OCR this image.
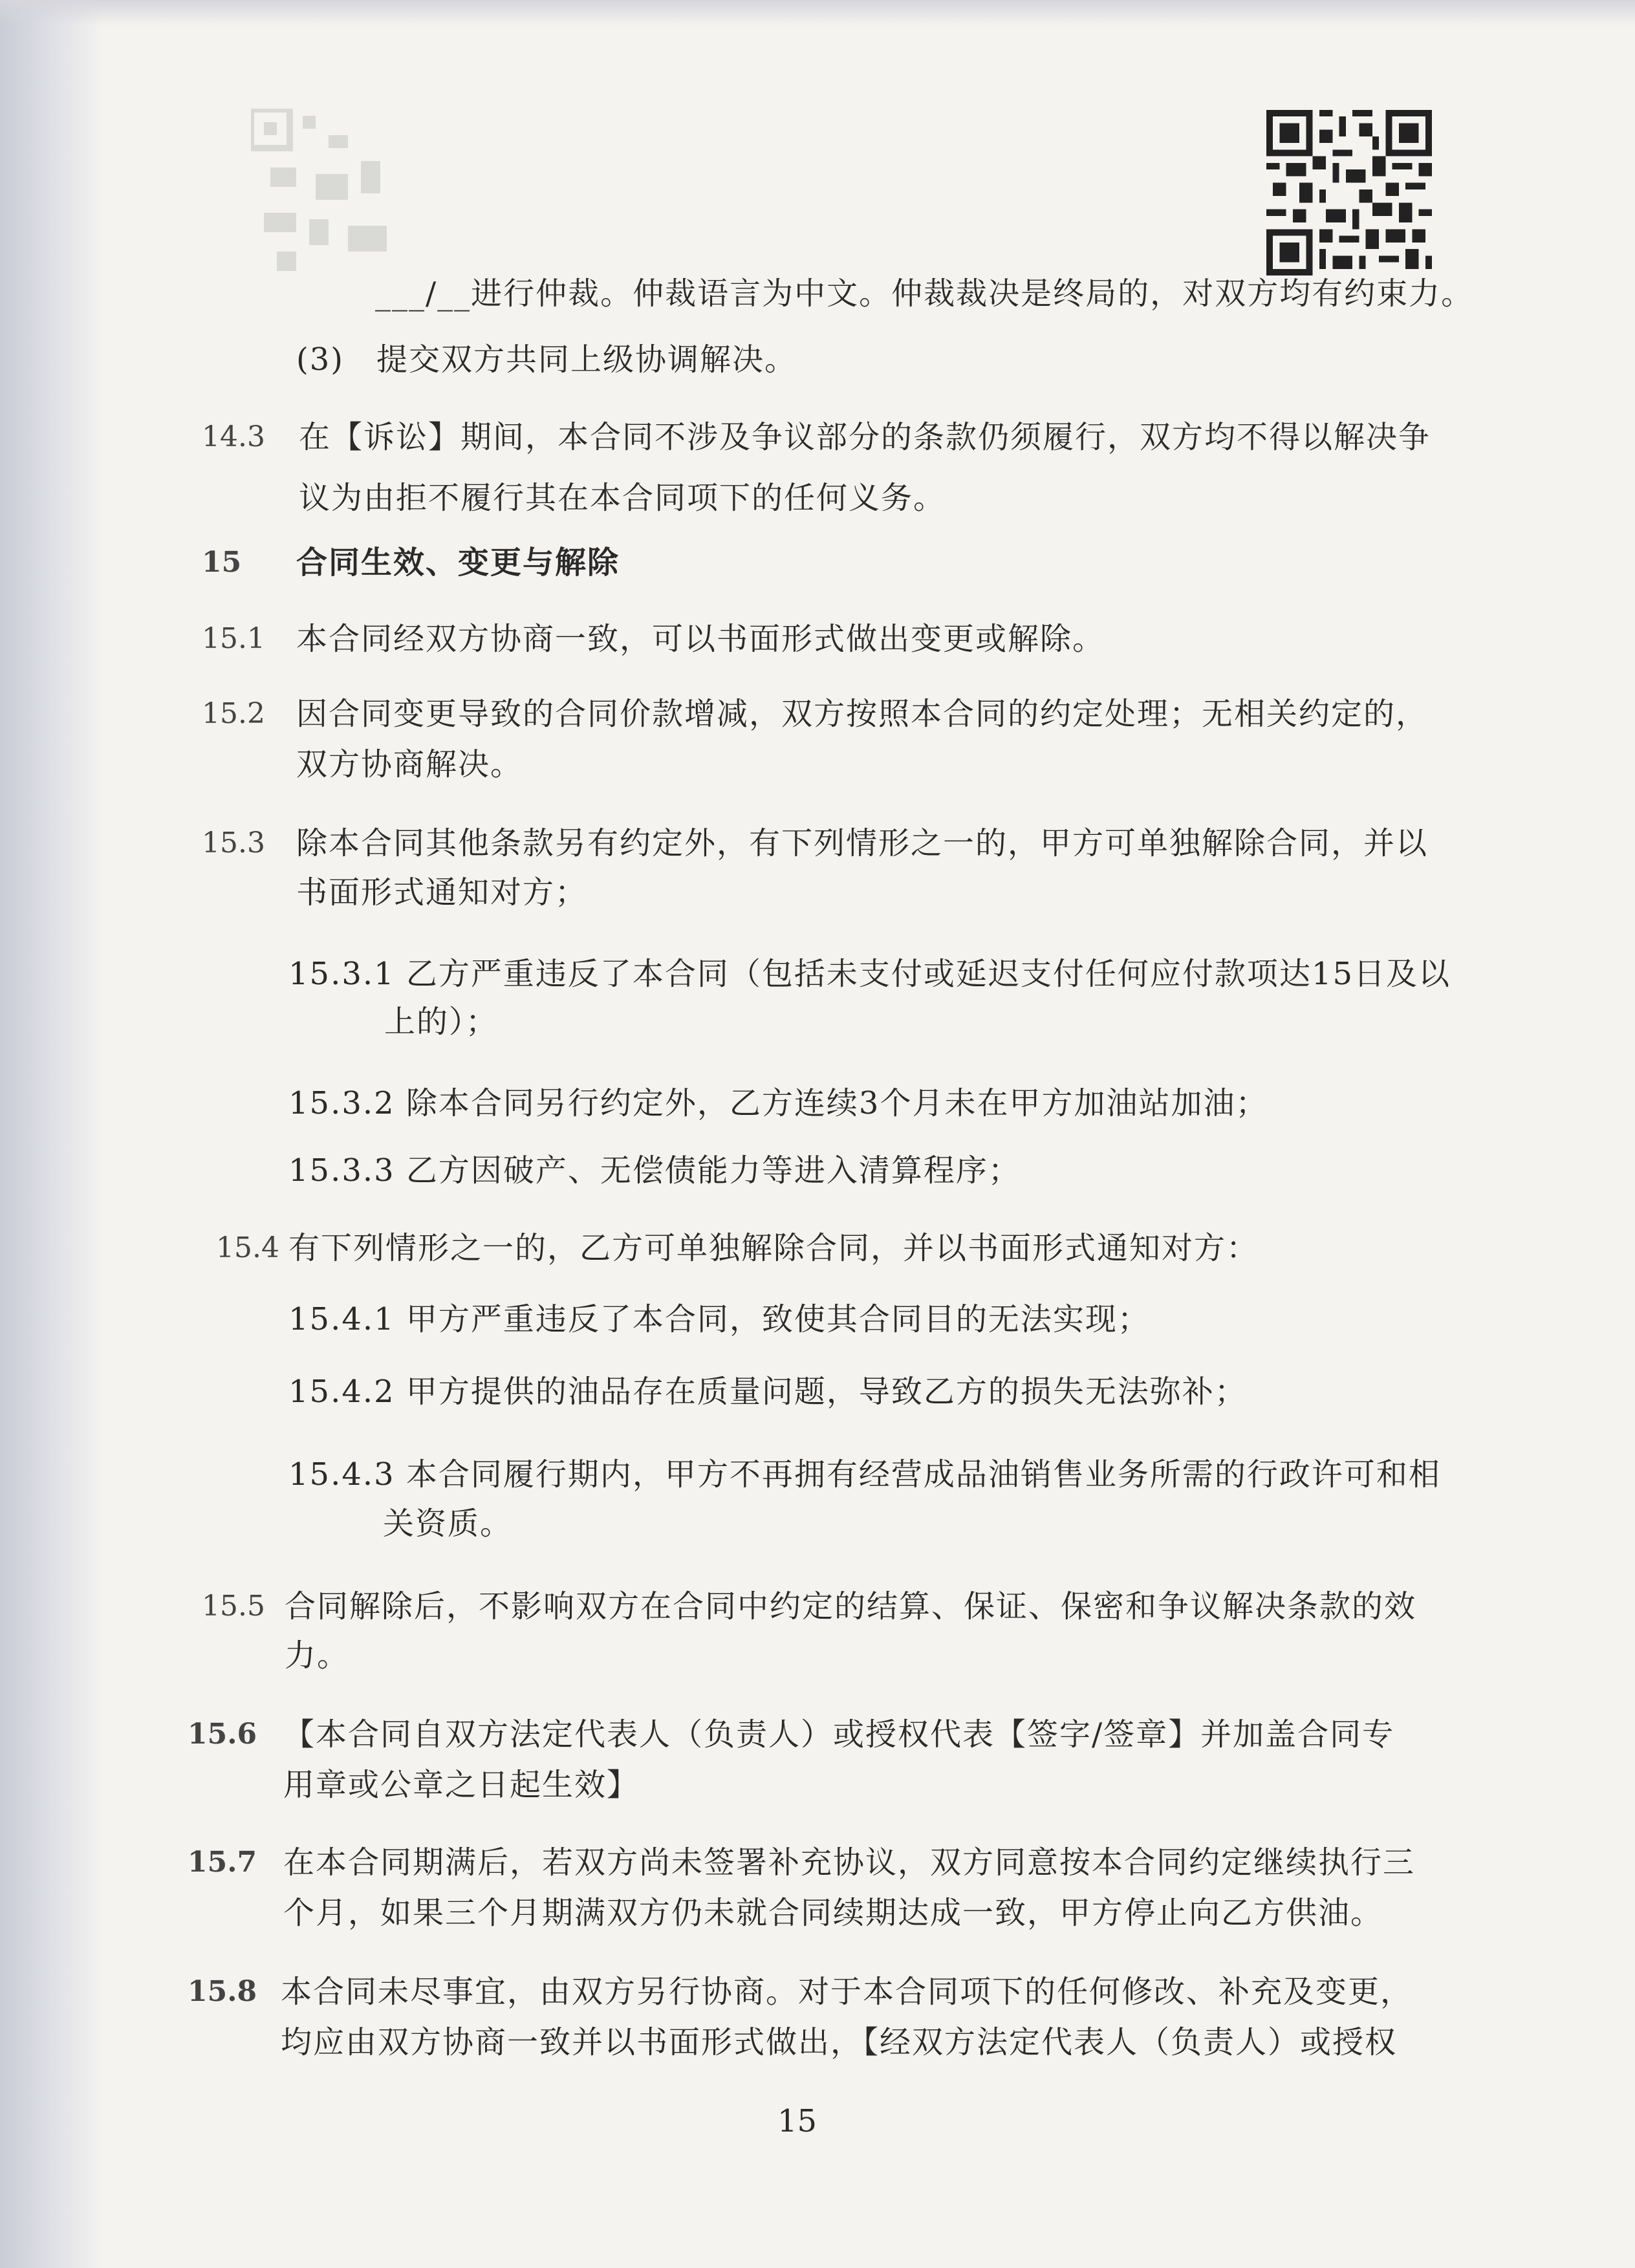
___/__进行仲裁。仲裁语言为中文。仲裁裁决是终局的，对双方均有约束力。
(3)　提交双方共同上级协调解决。
14.3 在【诉讼】期间，本合同不涉及争议部分的条款仍须履行，双方均不得以解决争
议为由拒不履行其在本合同项下的任何义务。
15 合同生效、变更与解除
15.1 本合同经双方协商一致，可以书面形式做出变更或解除。
15.2 因合同变更导致的合同价款增减，双方按照本合同的约定处理；无相关约定的，
双方协商解决。
15.3 除本合同其他条款另有约定外，有下列情形之一的，甲方可单独解除合同，并以
书面形式通知对方；
15.3.1 乙方严重违反了本合同（包括未支付或延迟支付任何应付款项达15日及以
上的）；
15.3.2 除本合同另行约定外，乙方连续3个月未在甲方加油站加油；
15.3.3 乙方因破产、无偿债能力等进入清算程序；
15.4 有下列情形之一的，乙方可单独解除合同，并以书面形式通知对方：
15.4.1 甲方严重违反了本合同，致使其合同目的无法实现；
15.4.2 甲方提供的油品存在质量问题，导致乙方的损失无法弥补；
15.4.3 本合同履行期内，甲方不再拥有经营成品油销售业务所需的行政许可和相
关资质。
15.5 合同解除后，不影响双方在合同中约定的结算、保证、保密和争议解决条款的效
力。
15.6 【本合同自双方法定代表人（负责人）或授权代表【签字/签章】并加盖合同专
用章或公章之日起生效】
15.7 在本合同期满后，若双方尚未签署补充协议，双方同意按本合同约定继续执行三
个月，如果三个月期满双方仍未就合同续期达成一致，甲方停止向乙方供油。
15.8 本合同未尽事宜，由双方另行协商。对于本合同项下的任何修改、补充及变更，
均应由双方协商一致并以书面形式做出，【经双方法定代表人（负责人）或授权
15
